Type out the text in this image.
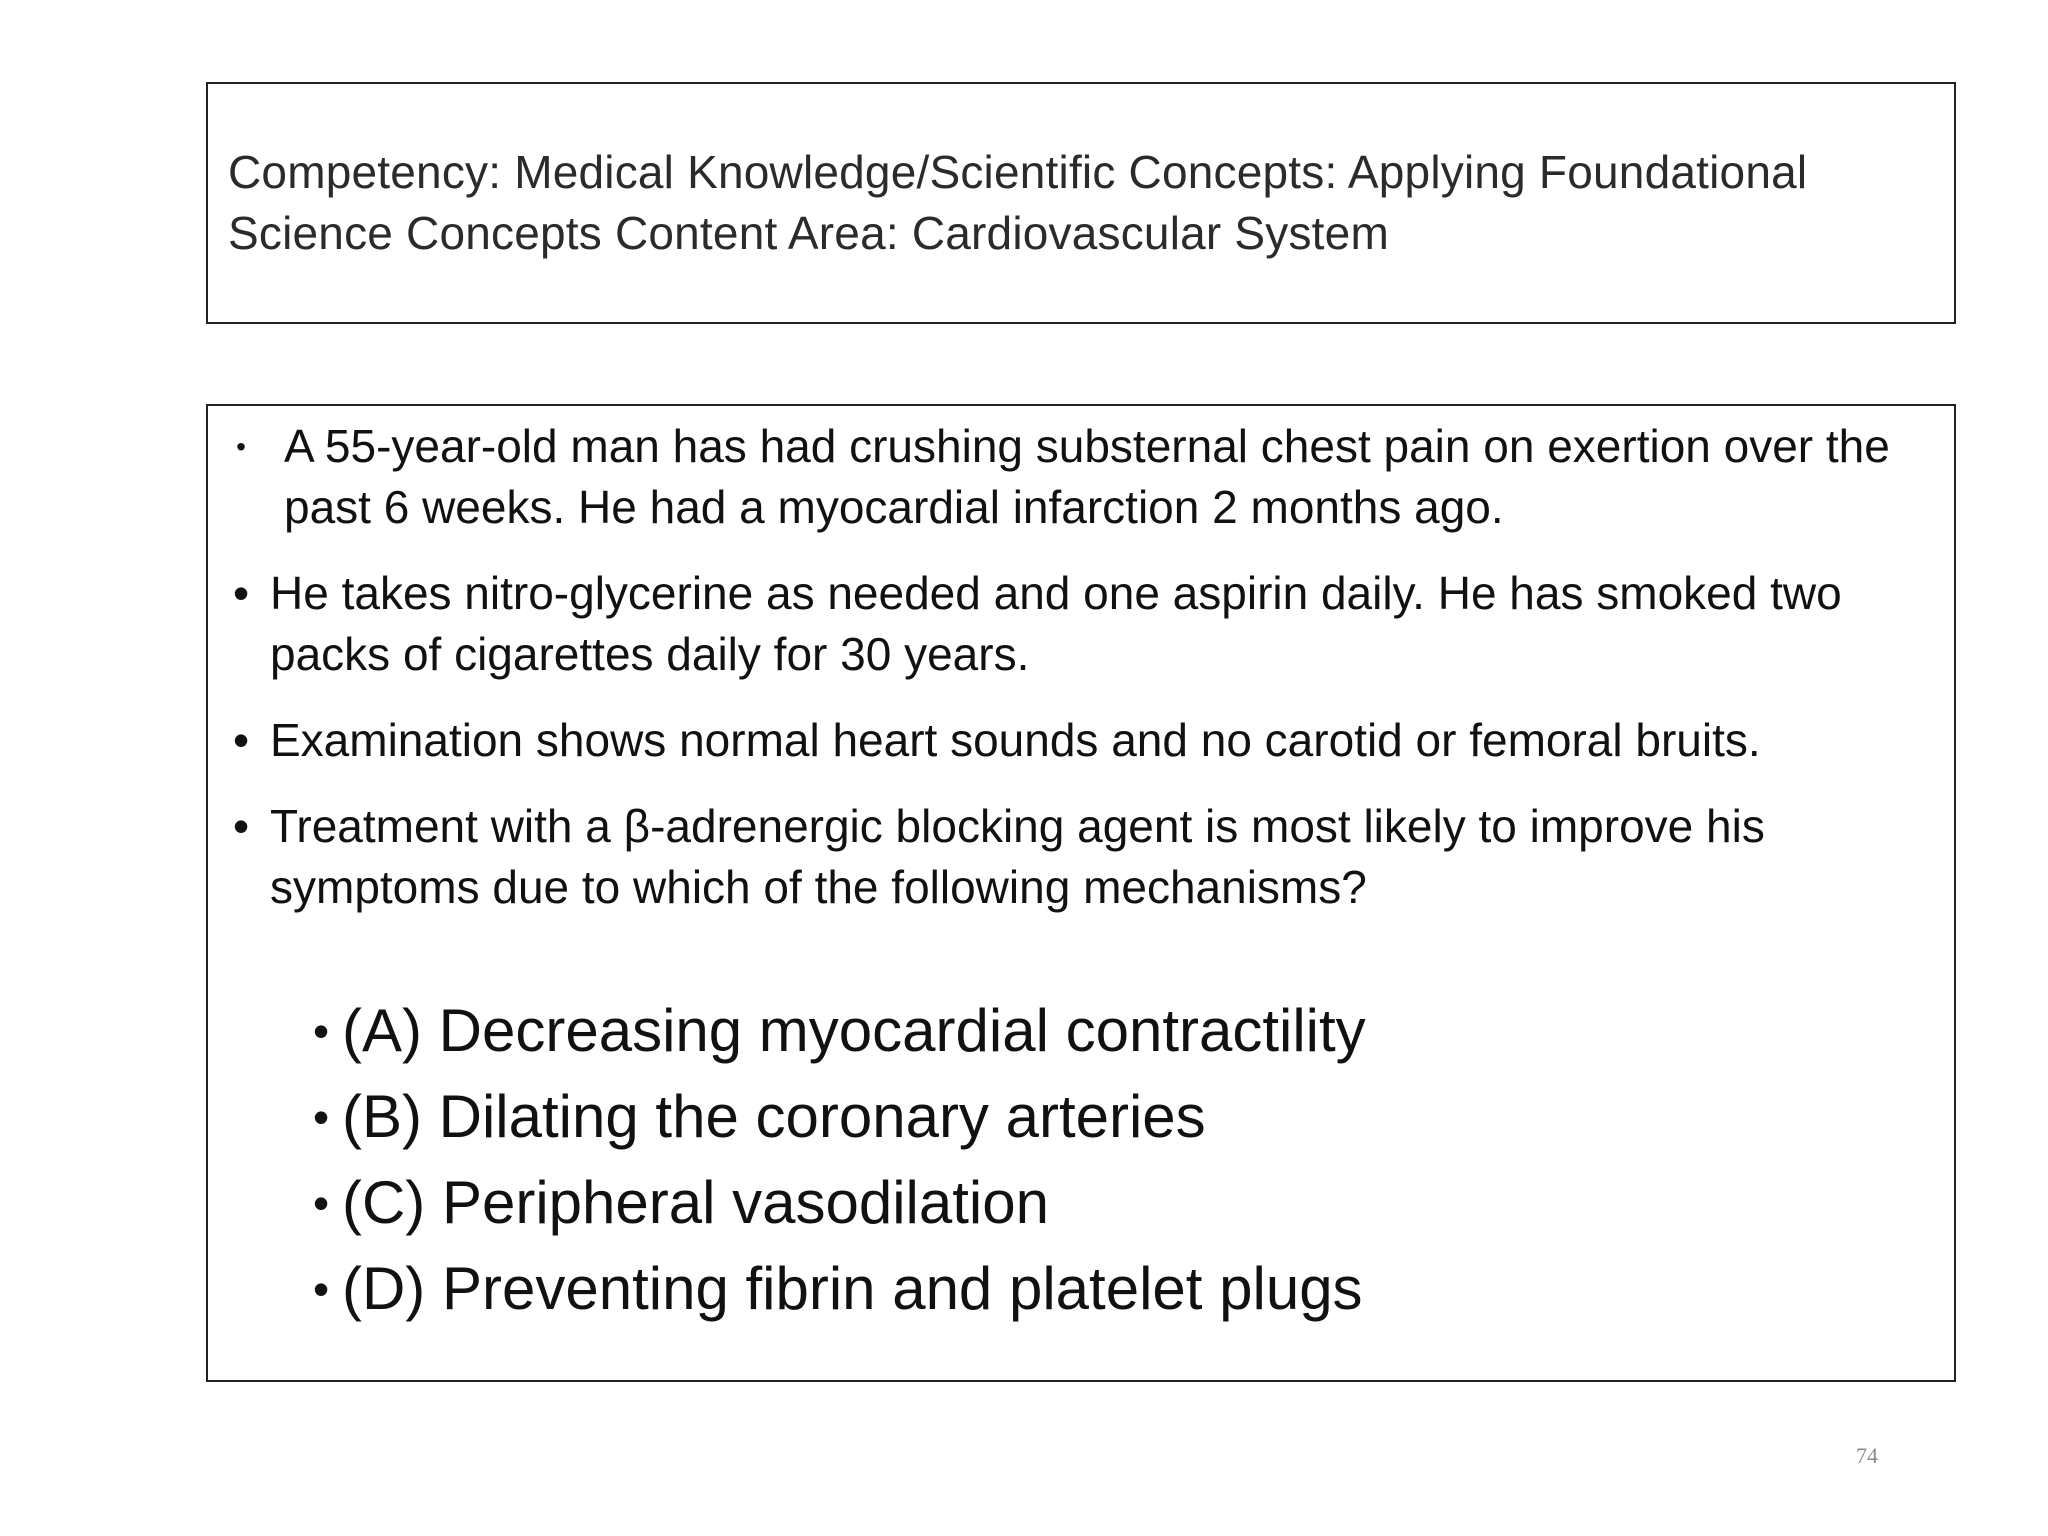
Competency: Medical Knowledge/Scientific Concepts: Applying Foundational Science Concepts Content Area: Cardiovascular System
• A 55-year-old man has had crushing substernal chest pain on exertion over the past 6 weeks. He had a myocardial infarction 2 months ago.
• He takes nitro-glycerine as needed and one aspirin daily. He has smoked two packs of cigarettes daily for 30 years.
• Examination shows normal heart sounds and no carotid or femoral bruits.
• Treatment with a β-adrenergic blocking agent is most likely to improve his symptoms due to which of the following mechanisms?
• (A) Decreasing myocardial contractility
• (B) Dilating the coronary arteries
• (C) Peripheral vasodilation
• (D) Preventing fibrin and platelet plugs
74
